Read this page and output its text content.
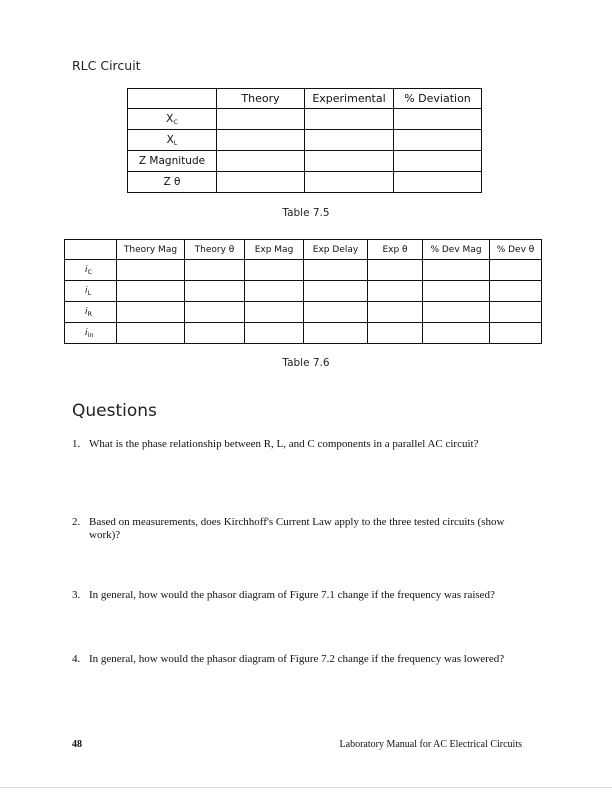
RLC Circuit
	Theory	Experimental	% Deviation
$X_C$			
$X_L$			
Z Magnitude			
Z θ			
Table 7.5
	Theory Mag	Theory θ	Exp Mag	Exp Delay	Exp θ	% Dev Mag	% Dev θ
$i_C$							
$i_L$							
$i_R$							
$i_{in}$							
Table 7.6
Questions
1. What is the phase relationship between R, L, and C components in a parallel AC circuit?
2. Based on measurements, does Kirchhoff's Current Law apply to the three tested circuits (show work)?
3. In general, how would the phasor diagram of Figure 7.1 change if the frequency was raised?
4. In general, how would the phasor diagram of Figure 7.2 change if the frequency was lowered?
48	Laboratory Manual for AC Electrical Circuits
